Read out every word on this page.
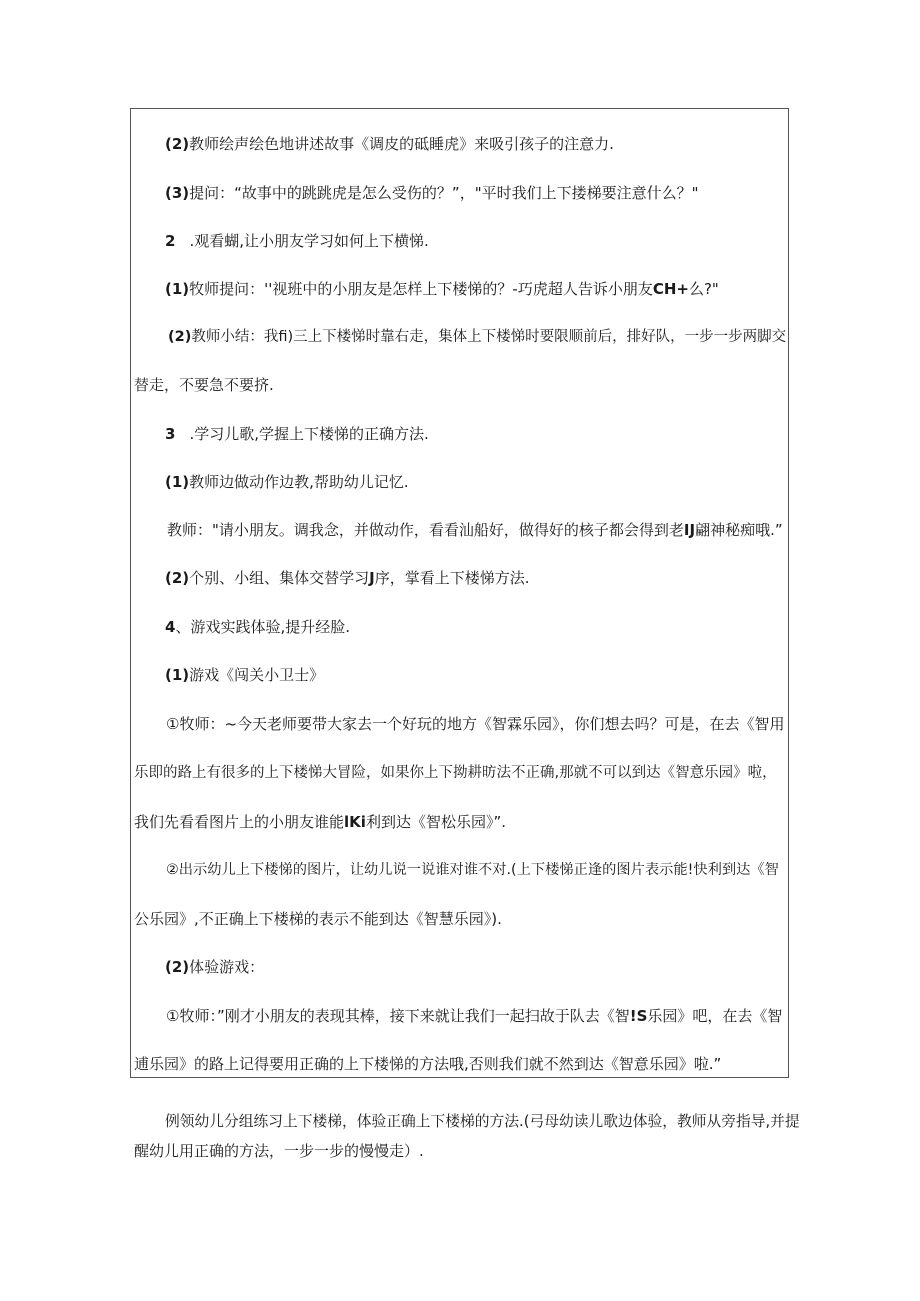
(2)教师绘声绘色地讲述故事《调皮的砥睡虎》来吸引孩子的注意力.
(3)提问：“故事中的跳跳虎是怎么受伤的？”，"平时我们上下搂梯要注意什么？"
2 .观看蝴,让小朋友学习如何上下横悌.
(1)牧师提问：''视班中的小朋友是怎样上下楼悌的？-巧虎超人告诉小朋友CH+么?"
(2)教师小结：我fi)三上下楼悌时靠右走，集体上下楼悌时要限顺前后，排好队，一步一步两脚交
替走，不要急不要挤.
3 .学习儿歌,学握上下楼悌的正确方法.
(1)教师边做动作边教,帮助幼儿记忆.
教师："请小朋友。调我念，并做动作，看看汕船好，做得好的核子都会得到老IJ翩神秘痴哦.”
(2)个别、小组、集体交替学习J序，掌看上下楼悌方法.
4、游戏实践体验,提升经脸.
(1)游戏《闯关小卫士》
①牧师：~今天老师要带大家去一个好玩的地方《智霖乐园》，你们想去吗？可是，在去《智用
乐即的路上有很多的上下楼悌大冒险，如果你上下拗耕昉法不正确,那就不可以到达《智意乐园》啦，
我们先看看图片上的小朋友谁能lKi利到达《智松乐园》”.
②出示幼儿上下楼悌的图片，让幼儿说一说谁对谁不对.(上下楼悌正逢的图片表示能!快利到达《智
公乐园》,不正确上下楼梯的表示不能到达《智慧乐园》).
(2)体验游戏：
①牧师：”刚才小朋友的表现其棒，接下来就让我们一起扫故于队去《智!S乐园》吧，在去《智
逋乐园》的路上记得要用正确的上下楼悌的方法哦,否则我们就不然到达《智意乐园》啦.”
例领幼儿分组练习上下楼梯，体验正确上下楼梯的方法.(弓母幼读儿歌边体验，教师从旁指导,并提
醒幼儿用正确的方法，一步一步的慢慢走）.
